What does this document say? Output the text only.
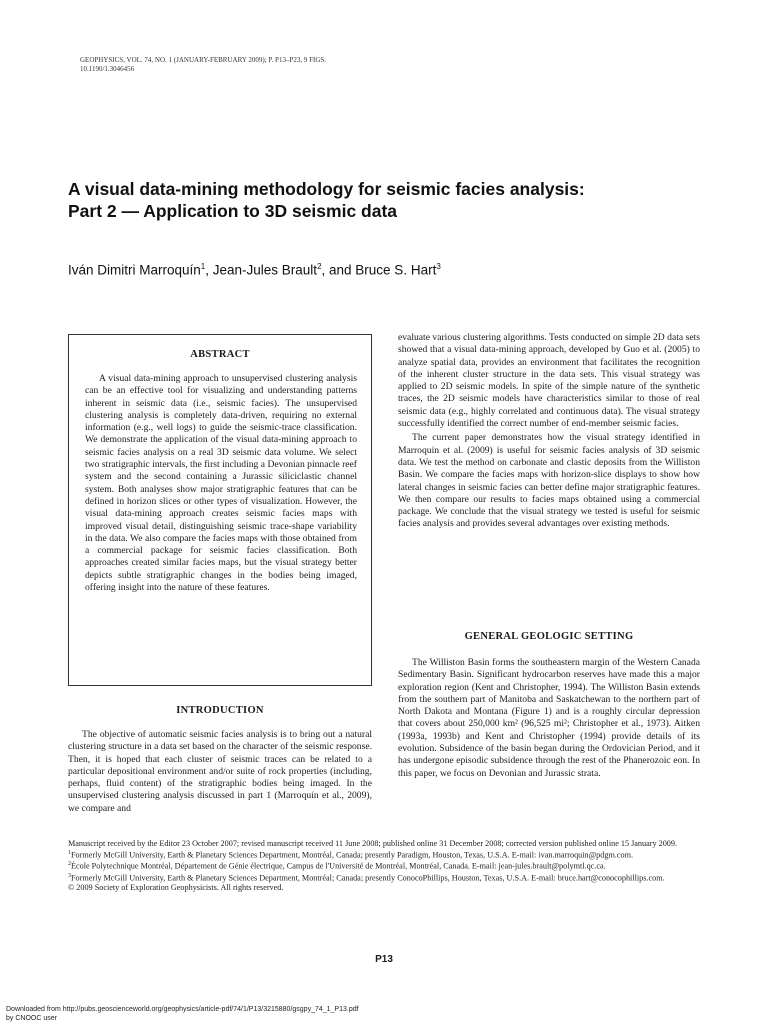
GEOPHYSICS, VOL. 74, NO. 1 (JANUARY-FEBRUARY 2009); P. P13–P23, 9 FIGS.
10.1190/1.3046456
A visual data-mining methodology for seismic facies analysis:
Part 2 — Application to 3D seismic data
Iván Dimitri Marroquín$^1$, Jean-Jules Brault$^2$, and Bruce S. Hart$^3$
ABSTRACT

A visual data-mining approach to unsupervised clustering analysis can be an effective tool for visualizing and understanding patterns inherent in seismic data (i.e., seismic facies). The unsupervised clustering analysis is completely data-driven, requiring no external information (e.g., well logs) to guide the seismic-trace classification. We demonstrate the application of the visual data-mining approach to seismic facies analysis on a real 3D seismic data volume. We select two stratigraphic intervals, the first including a Devonian pinnacle reef system and the second containing a Jurassic siliciclastic channel system. Both analyses show major stratigraphic features that can be defined in horizon slices or other types of visualization. However, the visual data-mining approach creates seismic facies maps with improved visual detail, distinguishing seismic trace-shape variability in the data. We also compare the facies maps with those obtained from a commercial package for seismic facies classification. Both approaches created similar facies maps, but the visual strategy better depicts subtle stratigraphic changes in the bodies being imaged, offering insight into the nature of these features.

INTRODUCTION

The objective of automatic seismic facies analysis is to bring out a natural clustering structure in a data set based on the character of the seismic response. Then, it is hoped that each cluster of seismic traces can be related to a particular depositional environment and/or suite of rock properties (including, perhaps, fluid content) of the stratigraphic bodies being imaged. In the unsupervised clustering analysis discussed in part 1 (Marroquín et al., 2009), we compare and

evaluate various clustering algorithms. Tests conducted on simple 2D data sets showed that a visual data-mining approach, developed by Guo et al. (2005) to analyze spatial data, provides an environment that facilitates the recognition of the inherent cluster structure in the data sets. This visual strategy was applied to 2D seismic models. In spite of the simple nature of the synthetic traces, the 2D seismic models have characteristics similar to those of real seismic data (e.g., highly correlated and continuous data). The visual strategy successfully identified the correct number of end-member seismic facies.

The current paper demonstrates how the visual strategy identified in Marroquín et al. (2009) is useful for seismic facies analysis of 3D seismic data. We test the method on carbonate and clastic deposits from the Williston Basin. We compare the facies maps with horizon-slice displays to show how lateral changes in seismic facies can better define major stratigraphic features. We then compare our results to facies maps obtained using a commercial package. We conclude that the visual strategy we tested is useful for seismic facies analysis and provides several advantages over existing methods.

GENERAL GEOLOGIC SETTING

The Williston Basin forms the southeastern margin of the Western Canada Sedimentary Basin. Significant hydrocarbon reserves have made this a major exploration region (Kent and Christopher, 1994). The Williston Basin extends from the southern part of Manitoba and Saskatchewan to the northern part of North Dakota and Montana (Figure 1) and is a roughly circular depression that covers about 250,000 km² (96,525 mi²; Christopher et al., 1973). Aitken (1993a, 1993b) and Kent and Christopher (1994) provide details of its evolution. Subsidence of the basin began during the Ordovician Period, and it has undergone episodic subsidence through the rest of the Phanerozoic eon. In this paper, we focus on Devonian and Jurassic strata.

Manuscript received by the Editor 23 October 2007; revised manuscript received 11 June 2008; published online 31 December 2008; corrected version published online 15 January 2009.
$^1$Formerly McGill University, Earth & Planetary Sciences Department, Montréal, Canada; presently Paradigm, Houston, Texas, U.S.A. E-mail: ivan.marroquin@pdgm.com.
$^2$École Polytechnique Montréal, Département de Génie électrique, Campus de l'Université de Montréal, Montréal, Canada. E-mail: jean-jules.brault@polymtl.qc.ca.
$^3$Formerly McGill University, Earth & Planetary Sciences Department, Montréal; Canada; presently ConocoPhillips, Houston, Texas, U.S.A. E-mail: bruce.hart@conocophillips.com.
© 2009 Society of Exploration Geophysicists. All rights reserved.
P13
Downloaded from http://pubs.geoscienceworld.org/geophysics/article-pdf/74/1/P13/3215880/gsgpy_74_1_P13.pdf
by CNOOC user
